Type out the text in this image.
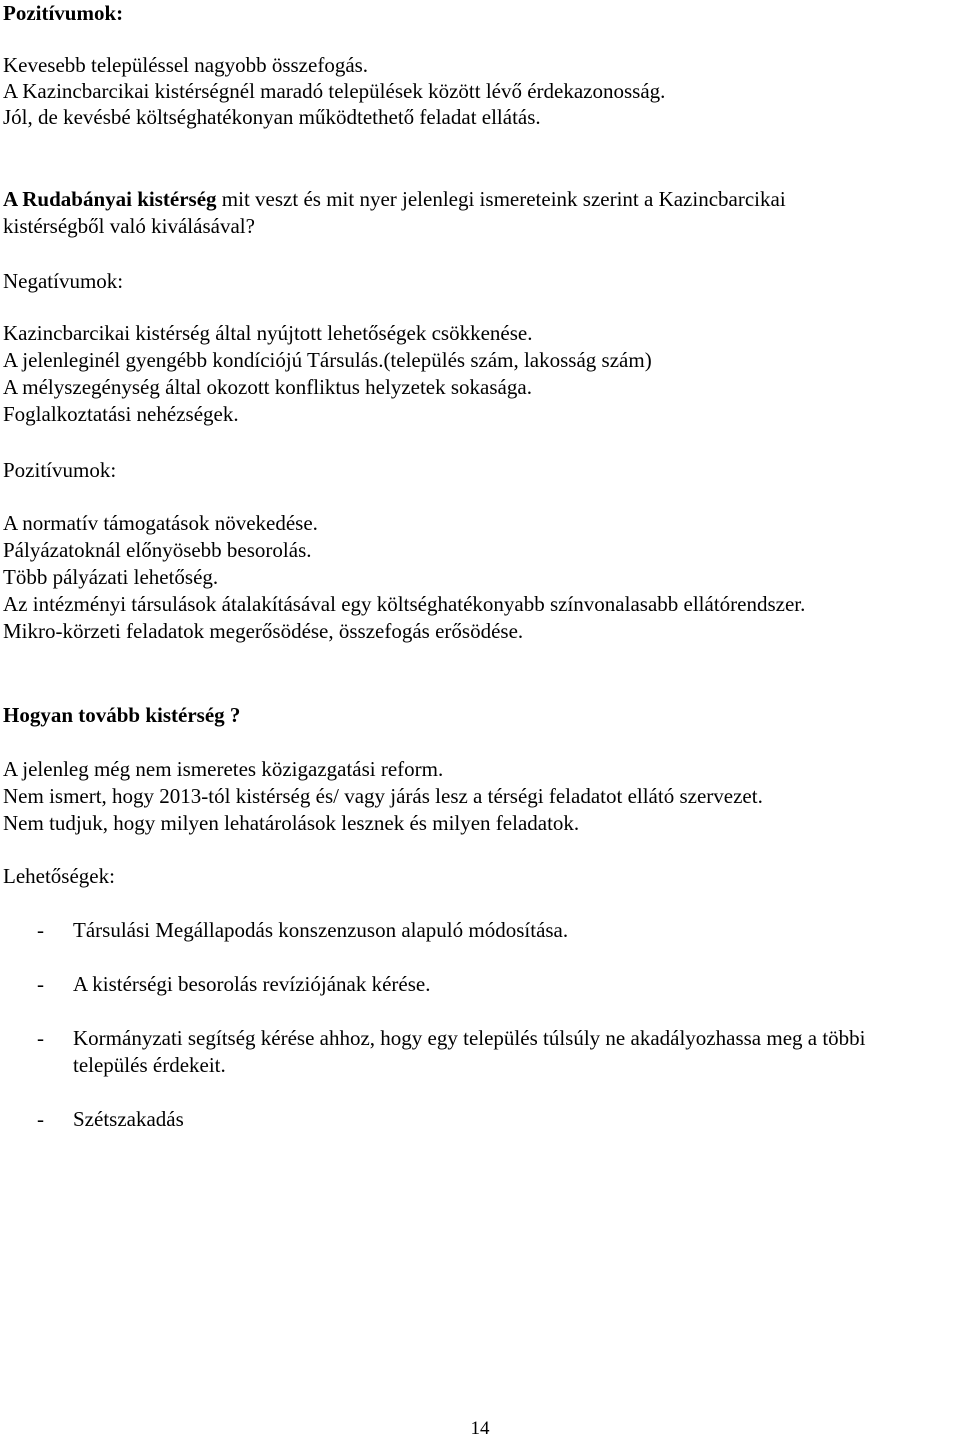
Pozitívumok:
Kevesebb településsel nagyobb összefogás.
A Kazincbarcikai kistérségnél maradó települések között lévő érdekazonosság.
Jól, de kevésbé költséghatékonyan működtethető feladat ellátás.
A Rudabányai kistérség mit veszt és mit nyer jelenlegi ismereteink szerint a Kazincbarcikai
kistérségből való kiválásával?
Negatívumok:
Kazincbarcikai kistérség által nyújtott lehetőségek csökkenése.
A jelenleginél gyengébb kondíciójú Társulás.(település szám, lakosság szám)
A mélyszegénység által okozott konfliktus helyzetek sokasága.
Foglalkoztatási nehézségek.
Pozitívumok:
A normatív támogatások növekedése.
Pályázatoknál előnyösebb besorolás.
Több pályázati lehetőség.
Az intézményi társulások átalakításával egy költséghatékonyabb színvonalasabb ellátórendszer.
Mikro-körzeti feladatok megerősödése, összefogás erősödése.
Hogyan tovább kistérség ?
A jelenleg még nem ismeretes közigazgatási reform.
Nem ismert, hogy 2013-tól kistérség és/ vagy járás lesz a térségi feladatot ellátó szervezet.
Nem tudjuk, hogy milyen lehatárolások lesznek és milyen feladatok.
Lehetőségek:
- Társulási Megállapodás konszenzuson alapuló módosítása.
- A kistérségi besorolás revíziójának kérése.
- Kormányzati segítség kérése ahhoz, hogy egy település túlsúly ne akadályozhassa meg a többi
település érdekeit.
- Szétszakadás
14
